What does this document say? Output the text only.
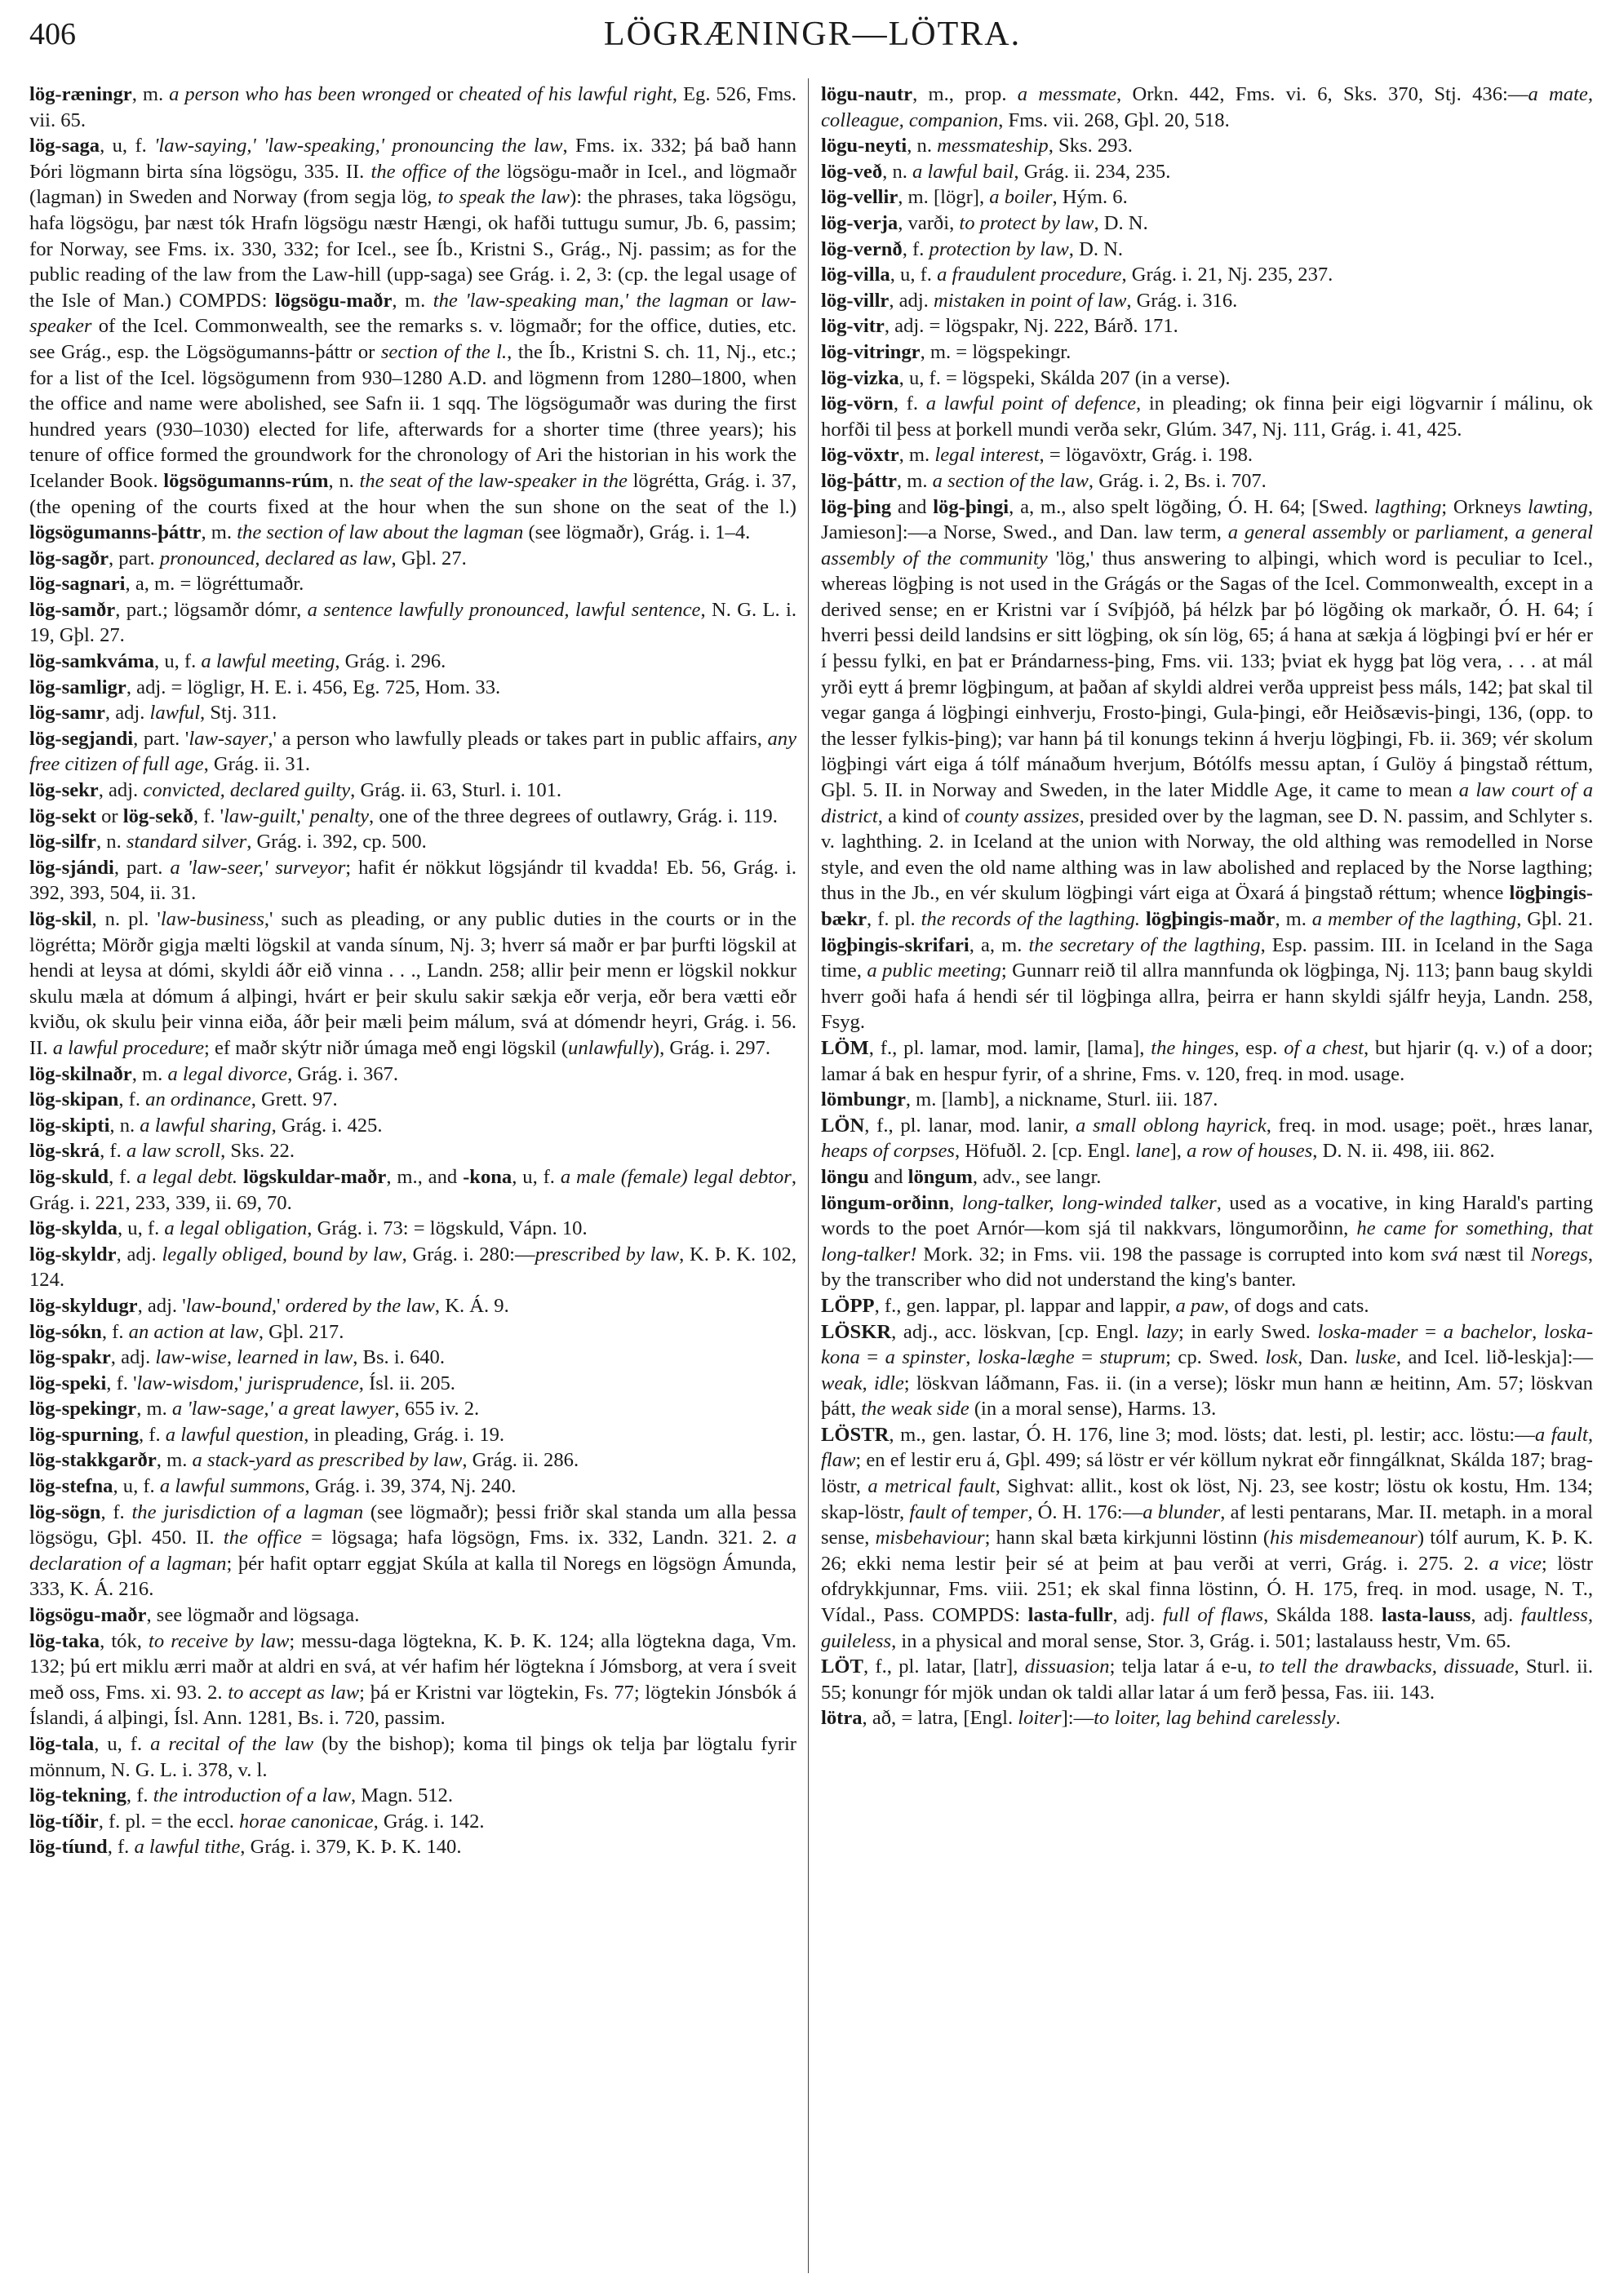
406	LÖGRÆNINGR—LÖTRA.

lög-ræningr, m. a person who has been wronged or cheated of his lawful right, Eg. 526, Fms. vii. 65.

lög-saga, u, f. 'law-saying,' 'law-speaking,' pronouncing the law, Fms. ix. 332; þá bað hann Þóri lögmann birta sína lögsögu, 335. II. the office of the lögsögu-maðr in Icel., and lögmaðr (lagman) in Sweden and Norway (from segja lög, to speak the law): the phrases, taka lögsögu, hafa lögsögu, þar næst tók Hrafn lögsögu næstr Hængi, ok hafði tuttugu sumur, Jb. 6, passim; for Norway, see Fms. ix. 330, 332; for Icel., see Íb., Kristni S., Grág., Nj. passim; as for the public reading of the law from the Law-hill (upp-saga) see Grág. i. 2, 3: (cp. the legal usage of the Isle of Man.) COMPDS: lögsögu-maðr, m. the 'law-speaking man,' the lagman or law-speaker of the Icel. Commonwealth, see the remarks s. v. lögmaðr; for the office, duties, etc. see Grág., esp. the Lögsögumanns-þáttr or section of the l., the Íb., Kristni S. ch. 11, Nj., etc.; for a list of the Icel. lögsögumenn from 930–1280 A.D. and lögmenn from 1280–1800, when the office and name were abolished, see Safn ii. 1 sqq. The lögsögumaðr was during the first hundred years (930–1030) elected for life, afterwards for a shorter time (three years); his tenure of office formed the groundwork for the chronology of Ari the historian in his work the Icelander Book. lögsögumanns-rúm, n. the seat of the law-speaker in the lögrétta, Grág. i. 37, (the opening of the courts fixed at the hour when the sun shone on the seat of the l.) lögsögumanns-þáttr, m. the section of law about the lagman (see lögmaðr), Grág. i. 1–4.

lög-sagðr, part. pronounced, declared as law, Gþl. 27.

lög-sagnari, a, m. = lögréttumaðr.

lög-samðr, part.; lögsamðr dómr, a sentence lawfully pronounced, lawful sentence, N. G. L. i. 19, Gþl. 27.

lög-samkváma, u, f. a lawful meeting, Grág. i. 296.

lög-samligr, adj. = lögligr, H. E. i. 456, Eg. 725, Hom. 33.

lög-samr, adj. lawful, Stj. 311.

lög-segjandi, part. 'law-sayer,' a person who lawfully pleads or takes part in public affairs, any free citizen of full age, Grág. ii. 31.

lög-sekr, adj. convicted, declared guilty, Grág. ii. 63, Sturl. i. 101.

lög-sekt or lög-sekð, f. 'law-guilt,' penalty, one of the three degrees of outlawry, Grág. i. 119.

lög-silfr, n. standard silver, Grág. i. 392, cp. 500.

lög-sjándi, part. a 'law-seer,' surveyor; hafit ér nökkut lögsjándr til kvadda! Eb. 56, Grág. i. 392, 393, 504, ii. 31.

lög-skil, n. pl. 'law-business,' such as pleading, or any public duties in the courts or in the lögrétta; Mörðr gigja mælti lögskil at vanda sínum, Nj. 3; hverr sá maðr er þar þurfti lögskil at hendi at leysa at dómi, skyldi áðr eið vinna . . ., Landn. 258; allir þeir menn er lögskil nokkur skulu mæla at dómum á alþingi, hvárt er þeir skulu sakir sækja eðr verja, eðr bera vætti eðr kviðu, ok skulu þeir vinna eiða, áðr þeir mæli þeim málum, svá at dómendr heyri, Grág. i. 56. II. a lawful procedure; ef maðr skýtr niðr úmaga með engi lögskil (unlawfully), Grág. i. 297.

lög-skilnaðr, m. a legal divorce, Grág. i. 367.

lög-skipan, f. an ordinance, Grett. 97.

lög-skipti, n. a lawful sharing, Grág. i. 425.

lög-skrá, f. a law scroll, Sks. 22.

lög-skuld, f. a legal debt. lögskuldar-maðr, m., and -kona, u, f. a male (female) legal debtor, Grág. i. 221, 233, 339, ii. 69, 70.

lög-skylda, u, f. a legal obligation, Grág. i. 73: = lögskuld, Vápn. 10.

lög-skyldr, adj. legally obliged, bound by law, Grág. i. 280:—prescribed by law, K. Þ. K. 102, 124.

lög-skyldugr, adj. 'law-bound,' ordered by the law, K. Á. 9.

lög-sókn, f. an action at law, Gþl. 217.

lög-spakr, adj. law-wise, learned in law, Bs. i. 640.

lög-speki, f. 'law-wisdom,' jurisprudence, Ísl. ii. 205.

lög-spekingr, m. a 'law-sage,' a great lawyer, 655 iv. 2.

lög-spurning, f. a lawful question, in pleading, Grág. i. 19.

lög-stakkgarðr, m. a stack-yard as prescribed by law, Grág. ii. 286.

lög-stefna, u, f. a lawful summons, Grág. i. 39, 374, Nj. 240.

lög-sögn, f. the jurisdiction of a lagman (see lögmaðr); þessi friðr skal standa um alla þessa lögsögu, Gþl. 450. II. the office = lögsaga; hafa lögsögn, Fms. ix. 332, Landn. 321. 2. a declaration of a lagman; þér hafit optarr eggjat Skúla at kalla til Noregs en lögsögn Ámunda, 333, K. Á. 216.

lögsögu-maðr, see lögmaðr and lögsaga.

lög-taka, tók, to receive by law; messu-daga lögtekna, K. Þ. K. 124; alla lögtekna daga, Vm. 132; þú ert miklu ærri maðr at aldri en svá, at vér hafim hér lögtekna í Jómsborg, at vera í sveit með oss, Fms. xi. 93. 2. to accept as law; þá er Kristni var lögtekin, Fs. 77; lögtekin Jónsbók á Íslandi, á alþingi, Ísl. Ann. 1281, Bs. i. 720, passim.

lög-tala, u, f. a recital of the law (by the bishop); koma til þings ok telja þar lögtalu fyrir mönnum, N. G. L. i. 378, v. l.

lög-tekning, f. the introduction of a law, Magn. 512.

lög-tíðir, f. pl. = the eccl. horae canonicae, Grág. i. 142.

lög-tíund, f. a lawful tithe, Grág. i. 379, K. Þ. K. 140.

lögu-nautr, m., prop. a messmate, Orkn. 442, Fms. vi. 6, Sks. 370, Stj. 436:—a mate, colleague, companion, Fms. vii. 268, Gþl. 20, 518.

lögu-neyti, n. messmateship, Sks. 293.

lög-veð, n. a lawful bail, Grág. ii. 234, 235.

lög-vellir, m. [lögr], a boiler, Hým. 6.

lög-verja, varði, to protect by law, D. N.

lög-vernð, f. protection by law, D. N.

lög-villa, u, f. a fraudulent procedure, Grág. i. 21, Nj. 235, 237.

lög-villr, adj. mistaken in point of law, Grág. i. 316.

lög-vitr, adj. = lögspakr, Nj. 222, Bárð. 171.

lög-vitringr, m. = lögspekingr.

lög-vizka, u, f. = lögspeki, Skálda 207 (in a verse).

lög-vörn, f. a lawful point of defence, in pleading; ok finna þeir eigi lögvarnir í málinu, ok horfði til þess at þorkell mundi verða sekr, Glúm. 347, Nj. 111, Grág. i. 41, 425.

lög-vöxtr, m. legal interest, = lögavöxtr, Grág. i. 198.

lög-þáttr, m. a section of the law, Grág. i. 2, Bs. i. 707.

lög-þing and lög-þingi, a, m., also spelt lögðing, Ó. H. 64; [Swed. lagthing; Orkneys lawting, Jamieson]:—a Norse, Swed., and Dan. law term, a general assembly or parliament, a general assembly of the community 'lög,' thus answering to alþingi, which word is peculiar to Icel., whereas lögþing is not used in the Grágás or the Sagas of the Icel. Commonwealth, except in a derived sense; en er Kristni var í Svíþjóð, þá hélzk þar þó lögðing ok markaðr, Ó. H. 64; í hverri þessi deild landsins er sitt lögþing, ok sín lög, 65; á hana at sækja á lögþingi því er hér er í þessu fylki, en þat er Þrándarness-þing, Fms. vii. 133; þviat ek hygg þat lög vera, . . . at mál yrði eytt á þremr lögþingum, at þaðan af skyldi aldrei verða uppreist þess máls, 142; þat skal til vegar ganga á lögþingi einhverju, Frosto-þingi, Gula-þingi, eðr Heiðsævis-þingi, 136, (opp. to the lesser fylkis-þing); var hann þá til konungs tekinn á hverju lögþingi, Fb. ii. 369; vér skolum lögþingi várt eiga á tólf mánaðum hverjum, Bótólfs messu aptan, í Gulöy á þingstað réttum, Gþl. 5. II. in Norway and Sweden, in the later Middle Age, it came to mean a law court of a district, a kind of county assizes, presided over by the lagman, see D. N. passim, and Schlyter s. v. laghthing. 2. in Iceland at the union with Norway, the old althing was remodelled in Norse style, and even the old name althing was in law abolished and replaced by the Norse lagthing; thus in the Jb., en vér skulum lögþingi várt eiga at Öxará á þingstað réttum; whence lögþingis-bækr, f. pl. the records of the lagthing. lögþingis-maðr, m. a member of the lagthing, Gþl. 21. lögþingis-skrifari, a, m. the secretary of the lagthing, Esp. passim. III. in Iceland in the Saga time, a public meeting; Gunnarr reið til allra mannfunda ok lögþinga, Nj. 113; þann baug skyldi hverr goði hafa á hendi sér til lögþinga allra, þeirra er hann skyldi sjálfr heyja, Landn. 258, Fsyg.

LÖM, f., pl. lamar, mod. lamir, [lama], the hinges, esp. of a chest, but hjarir (q. v.) of a door; lamar á bak en hespur fyrir, of a shrine, Fms. v. 120, freq. in mod. usage.

lömbungr, m. [lamb], a nickname, Sturl. iii. 187.

LÖN, f., pl. lanar, mod. lanir, a small oblong hayrick, freq. in mod. usage; poët., hræs lanar, heaps of corpses, Höfuðl. 2. [cp. Engl. lane], a row of houses, D. N. ii. 498, iii. 862.

löngu and löngum, adv., see langr.

löngum-orðinn, long-talker, long-winded talker, used as a vocative, in king Harald's parting words to the poet Arnór—kom sjá til nakkvars, löngumorðinn, he came for something, that long-talker! Mork. 32; in Fms. vii. 198 the passage is corrupted into kom svá næst til Noregs, by the transcriber who did not understand the king's banter.

LÖPP, f., gen. lappar, pl. lappar and lappir, a paw, of dogs and cats.

LÖSKR, adj., acc. löskvan, [cp. Engl. lazy; in early Swed. loska-mader = a bachelor, loska-kona = a spinster, loska-læghe = stuprum; cp. Swed. losk, Dan. luske, and Icel. lið-leskja]:—weak, idle; löskvan láðmann, Fas. ii. (in a verse); löskr mun hann æ heitinn, Am. 57; löskvan þátt, the weak side (in a moral sense), Harms. 13.

LÖSTR, m., gen. lastar, Ó. H. 176, line 3; mod. lösts; dat. lesti, pl. lestir; acc. löstu:—a fault, flaw; en ef lestir eru á, Gþl. 499; sá löstr er vér köllum nykrat eðr finngálknat, Skálda 187; brag-löstr, a metrical fault, Sighvat: allit., kost ok löst, Nj. 23, see kostr; löstu ok kostu, Hm. 134; skap-löstr, fault of temper, Ó. H. 176:—a blunder, af lesti pentarans, Mar. II. metaph. in a moral sense, misbehaviour; hann skal bæta kirkjunni löstinn (his misdemeanour) tólf aurum, K. Þ. K. 26; ekki nema lestir þeir sé at þeim at þau verði at verri, Grág. i. 275. 2. a vice; löstr ofdrykkjunnar, Fms. viii. 251; ek skal finna löstinn, Ó. H. 175, freq. in mod. usage, N. T., Vídal., Pass. COMPDS: lasta-fullr, adj. full of flaws, Skálda 188. lasta-lauss, adj. faultless, guileless, in a physical and moral sense, Stor. 3, Grág. i. 501; lastalauss hestr, Vm. 65.

LÖT, f., pl. latar, [latr], dissuasion; telja latar á e-u, to tell the drawbacks, dissuade, Sturl. ii. 55; konungr fór mjök undan ok taldi allar latar á um ferð þessa, Fas. iii. 143.

lötra, að, = latra, [Engl. loiter]:—to loiter, lag behind carelessly.
